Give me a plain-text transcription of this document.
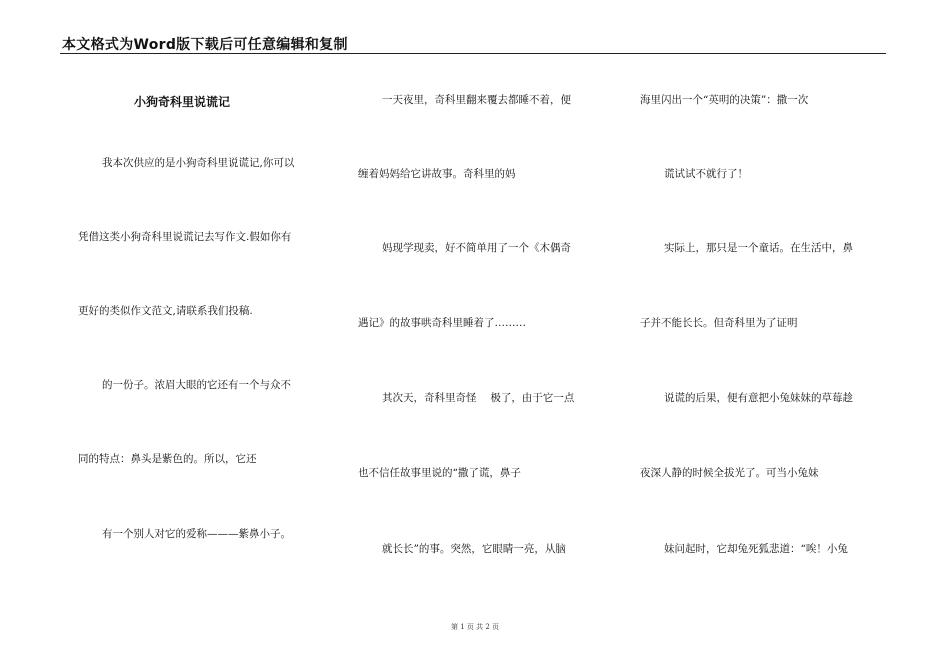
本文格式为Word版下载后可任意编辑和复制
小狗奇科里说谎记
我本次供应的是小狗奇科里说谎记,你可以
凭借这类小狗奇科里说谎记去写作文.假如你有
更好的类似作文范文,请联系我们投稿.
的一份子。浓眉大眼的它还有一个与众不
同的特点：鼻头是紫色的。所以，它还
有一个别人对它的爱称———紫鼻小子。
一天夜里，奇科里翻来覆去都睡不着，便
缠着妈妈给它讲故事。奇科里的妈
妈现学现卖，好不简单用了一个《木偶奇
遇记》的故事哄奇科里睡着了………
其次天，奇科里奇怪　 极了，由于它一点
也不信任故事里说的“撒了谎，鼻子
就长长”的事。突然，它眼睛一亮，从脑
海里闪出一个“英明的决策”：撒一次
谎试试不就行了！
实际上，那只是一个童话。在生活中，鼻
子并不能长长。但奇科里为了证明
说谎的后果，便有意把小兔妹妹的草莓趁
夜深人静的时候全拔光了。可当小兔妹
妹问起时，它却兔死狐悲道：“唉！小兔
第 1 页 共 2 页
